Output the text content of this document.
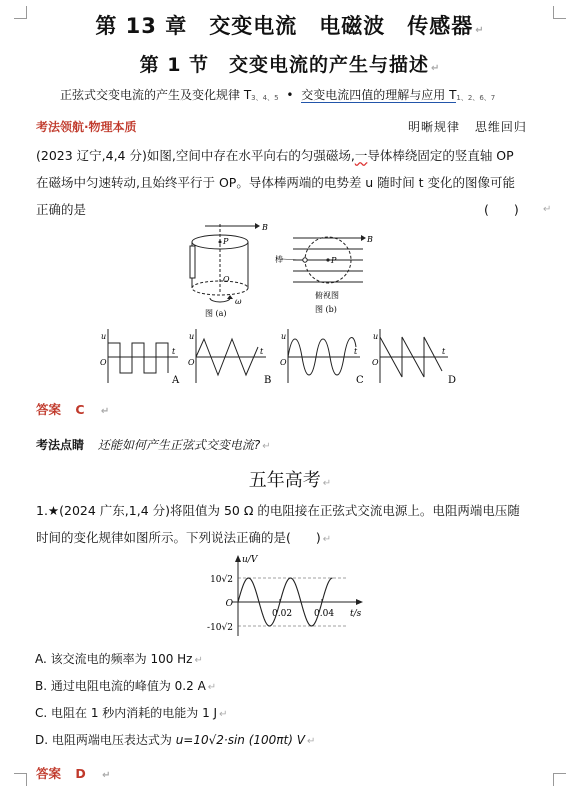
第 13 章　交变电流　电磁波　传感器 ↵
第 1 节　交变电流的产生与描述 ↵
正弦式交变电流的产生及变化规律 T3、4、5 • 交变电流四值的理解与应用 T1、2、6、7
考法领航·物理本质	明晰规律 思维回归
(2023 辽宁,4,4 分)如图,空间中存在水平向右的匀强磁场,一导体棒绕固定的竖直轴 OP
在磁场中匀速转动,且始终平行于 OP。导体棒两端的电势差 u 随时间 t 变化的图像可能
正确的是	(　　) ↵
B
P
O
ω
图 (a)
B
P
棒
俯视图
图 (b)
u
t
O
A
u
t
O
B
u
t
O
C
u
t
O
D
答案 C ↵
考法点睛 还能如何产生正弦式交变电流? ↵
五年高考 ↵
1.★(2024 广东,1,4 分)将阻值为 50 Ω 的电阻接在正弦式交流电源上。电阻两端电压随
时间的变化规律如图所示。下列说法正确的是(　　) ↵
u/V
t/s
10√2
O
-10√2
0.02 0.04
A. 该交流电的频率为 100 Hz ↵
B. 通过电阻电流的峰值为 0.2 A ↵
C. 电阻在 1 秒内消耗的电能为 1 J ↵
D. 电阻两端电压表达式为 u=10√2·sin (100πt) V ↵
答案 D ↵
